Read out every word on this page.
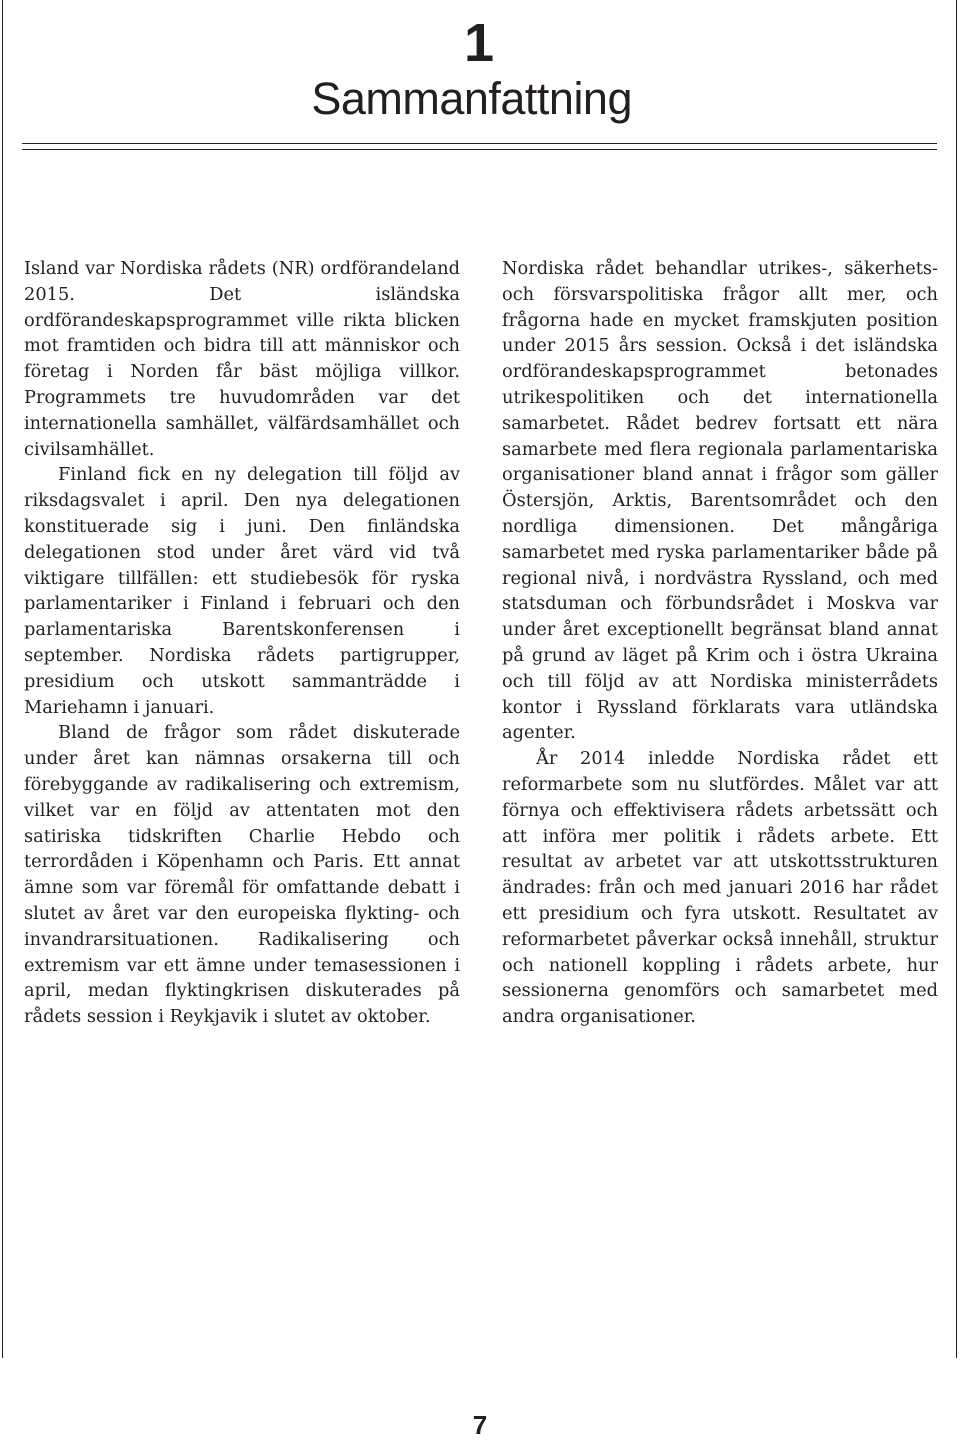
1
Sammanfattning

Island var Nordiska rådets (NR) ordförandeland 2015. Det isländska ordförandeskapsprogrammet ville rikta blicken mot framtiden och bidra till att människor och företag i Norden får bäst möjliga villkor. Programmets tre huvudområden var det internationella samhället, välfärdsamhället och civilsamhället.

Finland fick en ny delegation till följd av riksdagsvalet i april. Den nya delegationen konstituerade sig i juni. Den finländska delegationen stod under året värd vid två viktigare tillfällen: ett studiebesök för ryska parlamentariker i Finland i februari och den parlamentariska Barentskonferensen i september. Nordiska rådets partigrupper, presidium och utskott sammanträdde i Mariehamn i januari.

Bland de frågor som rådet diskuterade under året kan nämnas orsakerna till och förebyggande av radikalisering och extremism, vilket var en följd av attentaten mot den satiriska tidskriften Charlie Hebdo och terrordåden i Köpenhamn och Paris. Ett annat ämne som var föremål för omfattande debatt i slutet av året var den europeiska flykting- och invandrarsituationen. Radikalisering och extremism var ett ämne under temasessionen i april, medan flyktingkrisen diskuterades på rådets session i Reykjavik i slutet av oktober.

Nordiska rådet behandlar utrikes-, säkerhets- och försvarspolitiska frågor allt mer, och frågorna hade en mycket framskjuten position under 2015 års session. Också i det isländska ordförandeskapsprogrammet betonades utrikespolitiken och det internationella samarbetet. Rådet bedrev fortsatt ett nära samarbete med flera regionala parlamentariska organisationer bland annat i frågor som gäller Östersjön, Arktis, Barentsområdet och den nordliga dimensionen. Det mångåriga samarbetet med ryska parlamentariker både på regional nivå, i nordvästra Ryssland, och med statsduman och förbundsrådet i Moskva var under året exceptionellt begränsat bland annat på grund av läget på Krim och i östra Ukraina och till följd av att Nordiska ministerrådets kontor i Ryssland förklarats vara utländska agenter.

År 2014 inledde Nordiska rådet ett reformarbete som nu slutfördes. Målet var att förnya och effektivisera rådets arbetssätt och att införa mer politik i rådets arbete. Ett resultat av arbetet var att utskottsstrukturen ändrades: från och med januari 2016 har rådet ett presidium och fyra utskott. Resultatet av reformarbetet påverkar också innehåll, struktur och nationell koppling i rådets arbete, hur sessionerna genomförs och samarbetet med andra organisationer.

7
